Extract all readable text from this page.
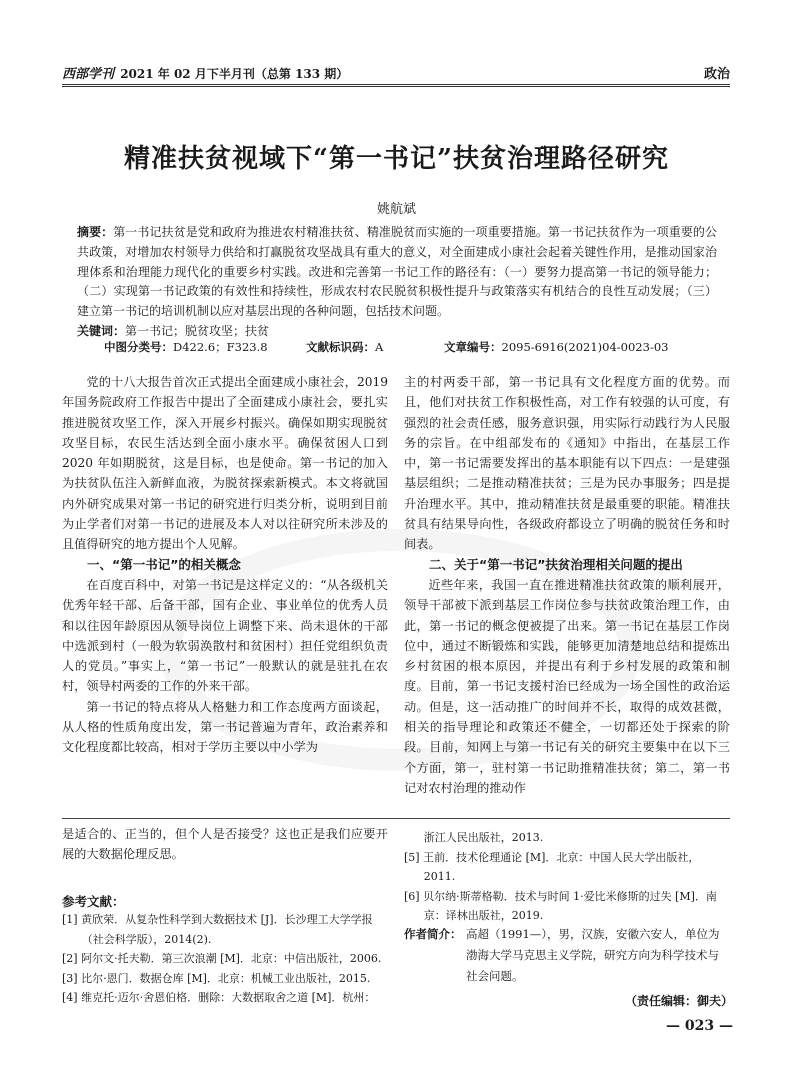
西部学刊 2021 年 02 月下半月刊（总第 133 期）	政治
精准扶贫视域下“第一书记”扶贫治理路径研究
姚航斌
摘要：第一书记扶贫是党和政府为推进农村精准扶贫、精准脱贫而实施的一项重要措施。第一书记扶贫作为一项重要的公共政策，对增加农村领导力供给和打赢脱贫攻坚战具有重大的意义，对全面建成小康社会起着关键性作用，是推动国家治理体系和治理能力现代化的重要乡村实践。改进和完善第一书记工作的路径有：（一）要努力提高第一书记的领导能力；（二）实现第一书记政策的有效性和持续性，形成农村农民脱贫积极性提升与政策落实有机结合的良性互动发展；（三）建立第一书记的培训机制以应对基层出现的各种问题，包括技术问题。
关键词：第一书记；脱贫攻坚；扶贫
中图分类号：D422.6；F323.8	文献标识码：A	文章编号：2095-6916(2021)04-0023-03

党的十八大报告首次正式提出全面建成小康社会，2019 年国务院政府工作报告中提出了全面建成小康社会，要扎实推进脱贫攻坚工作，深入开展乡村振兴。确保如期实现脱贫攻坚目标，农民生活达到全面小康水平。确保贫困人口到 2020 年如期脱贫，这是目标，也是使命。第一书记的加入为扶贫队伍注入新鲜血液，为脱贫探索新模式。本文将就国内外研究成果对第一书记的研究进行归类分析，说明到目前为止学者们对第一书记的进展及本人对以往研究所未涉及的且值得研究的地方提出个人见解。

一、“第一书记”的相关概念

在百度百科中，对第一书记是这样定义的：“从各级机关优秀年轻干部、后备干部，国有企业、事业单位的优秀人员和以往因年龄原因从领导岗位上调整下来、尚未退休的干部中选派到村（一般为软弱涣散村和贫困村）担任党组织负责人的党员。”事实上，“第一书记”一般默认的就是驻扎在农村，领导村两委的工作的外来干部。

第一书记的特点将从人格魅力和工作态度两方面谈起，从人格的性质角度出发，第一书记普遍为青年，政治素养和文化程度都比较高，相对于学历主要以中小学为

主的村两委干部，第一书记具有文化程度方面的优势。而且，他们对扶贫工作积极性高，对工作有较强的认可度，有强烈的社会责任感，服务意识强，用实际行动践行为人民服务的宗旨。在中组部发布的《通知》中指出，在基层工作中，第一书记需要发挥出的基本职能有以下四点：一是建强基层组织；二是推动精准扶贫；三是为民办事服务；四是提升治理水平。其中，推动精准扶贫是最重要的职能。精准扶贫具有结果导向性，各级政府都设立了明确的脱贫任务和时间表。

二、关于“第一书记”扶贫治理相关问题的提出

近些年来，我国一直在推进精准扶贫政策的顺利展开，领导干部被下派到基层工作岗位参与扶贫政策治理工作，由此，第一书记的概念便被提了出来。第一书记在基层工作岗位中，通过不断锻炼和实践，能够更加清楚地总结和提炼出乡村贫困的根本原因，并提出有利于乡村发展的政策和制度。目前，第一书记支援村治已经成为一场全国性的政治运动。但是，这一活动推广的时间并不长，取得的成效甚微，相关的指导理论和政策还不健全，一切都还处于探索的阶段。目前，知网上与第一书记有关的研究主要集中在以下三个方面，第一，驻村第一书记助推精准扶贫；第二，第一书记对农村治理的推动作

是适合的、正当的，但个人是否接受？这也正是我们应要开展的大数据伦理反思。
参考文献：
[1] 黄欣荣．从复杂性科学到大数据技术 [J]．长沙理工大学学报（社会科学版），2014(2).
[2] 阿尔文·托夫勒．第三次浪潮 [M]．北京：中信出版社，2006.
[3] 比尔·恩门．数据仓库 [M]．北京：机械工业出版社，2015.
[4] 维克托·迈尔·舍恩伯格．删除：大数据取舍之道 [M]．杭州：
浙江人民出版社，2013.
[5] 王前．技术伦理通论 [M]．北京：中国人民大学出版社，2011.
[6] 贝尔纳·斯蒂格勒．技术与时间 1·爱比米修斯的过失 [M]．南京：译林出版社，2019.
作者简介： 高超（1991—），男，汉族，安徽六安人，单位为渤海大学马克思主义学院，研究方向为科学技术与社会问题。
（责任编辑：御夫）
— 023 —
